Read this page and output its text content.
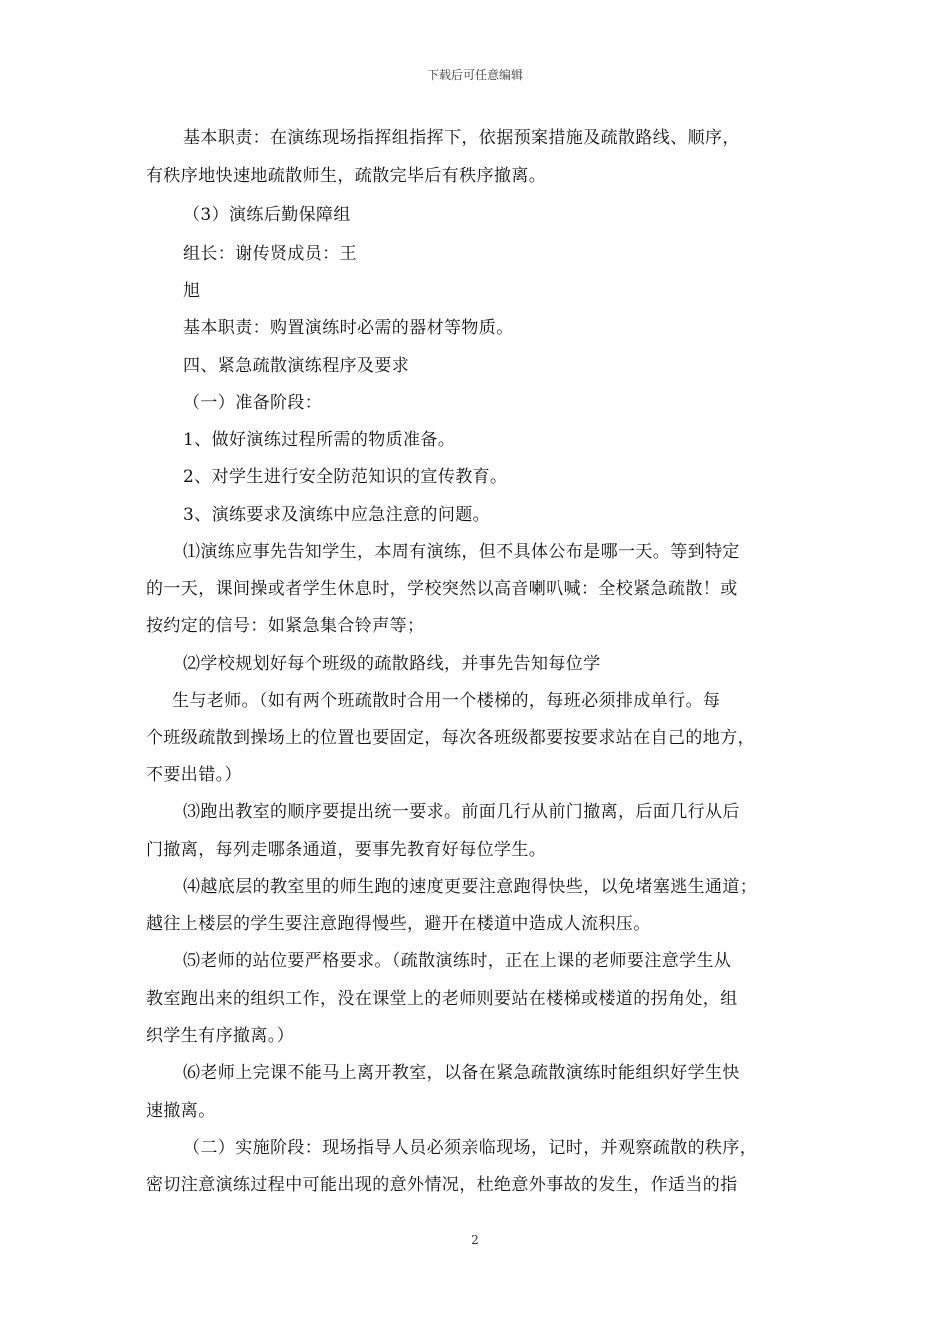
下载后可任意编辑
基本职责：在演练现场指挥组指挥下，依据预案措施及疏散路线、顺序，
有秩序地快速地疏散师生，疏散完毕后有秩序撤离。
（3）演练后勤保障组
组长：谢传贤成员：王
旭
基本职责：购置演练时必需的器材等物质。
四、紧急疏散演练程序及要求
（一）准备阶段：
1、做好演练过程所需的物质准备。
2、对学生进行安全防范知识的宣传教育。
3、演练要求及演练中应急注意的问题。
⑴演练应事先告知学生，本周有演练，但不具体公布是哪一天。等到特定
的一天，课间操或者学生休息时，学校突然以高音喇叭喊：全校紧急疏散！或
按约定的信号：如紧急集合铃声等；
⑵学校规划好每个班级的疏散路线，并事先告知每位学
生与老师。（如有两个班疏散时合用一个楼梯的，每班必须排成单行。每
个班级疏散到操场上的位置也要固定，每次各班级都要按要求站在自己的地方，
不要出错。）
⑶跑出教室的顺序要提出统一要求。前面几行从前门撤离，后面几行从后
门撤离，每列走哪条通道，要事先教育好每位学生。
⑷越底层的教室里的师生跑的速度更要注意跑得快些，以免堵塞逃生通道；
越往上楼层的学生要注意跑得慢些，避开在楼道中造成人流积压。
⑸老师的站位要严格要求。（疏散演练时，正在上课的老师要注意学生从
教室跑出来的组织工作，没在课堂上的老师则要站在楼梯或楼道的拐角处，组
织学生有序撤离。）
⑹老师上完课不能马上离开教室，以备在紧急疏散演练时能组织好学生快
速撤离。
（二）实施阶段：现场指导人员必须亲临现场，记时，并观察疏散的秩序，
密切注意演练过程中可能出现的意外情况，杜绝意外事故的发生，作适当的指
2
